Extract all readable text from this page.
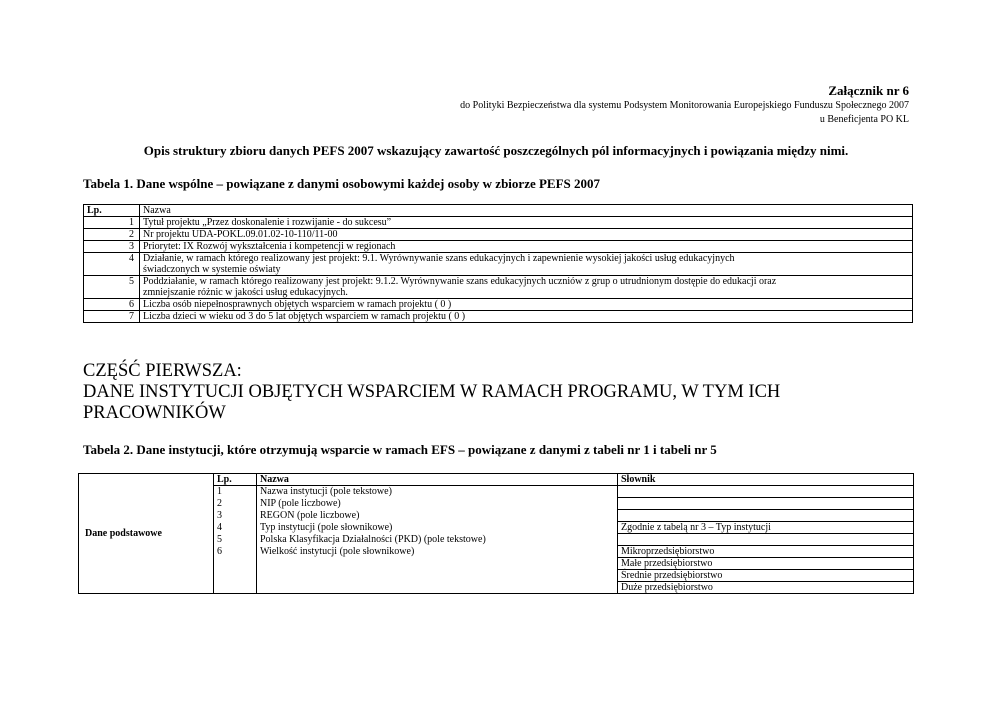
Załącznik nr 6
do Polityki Bezpieczeństwa dla systemu Podsystem Monitorowania Europejskiego Funduszu Społecznego 2007
u Beneficjenta PO KL
Opis struktury zbioru danych PEFS 2007 wskazujący zawartość poszczególnych pól informacyjnych i powiązania między nimi.
Tabela 1. Dane wspólne – powiązane z danymi osobowymi każdej osoby w zbiorze PEFS 2007
Lp.	Nazwa
1	Tytuł projektu „Przez doskonalenie i rozwijanie - do sukcesu”
2	Nr projektu UDA-POKL.09.01.02-10-110/11-00
3	Priorytet: IX Rozwój wykształcenia i kompetencji w regionach
4	Działanie, w ramach którego realizowany jest projekt: 9.1. Wyrównywanie szans edukacyjnych i zapewnienie wysokiej jakości usług edukacyjnych
świadczonych w systemie oświaty
5	Poddziałanie, w ramach którego realizowany jest projekt: 9.1.2. Wyrównywanie szans edukacyjnych uczniów z grup o utrudnionym dostępie do edukacji oraz
zmniejszanie różnic w jakości usług edukacyjnych.
6	Liczba osób niepełnosprawnych objętych wsparciem w ramach projektu ( 0 )
7	Liczba dzieci w wieku od 3 do 5 lat objętych wsparciem w ramach projektu ( 0 )
CZĘŚĆ PIERWSZA:
DANE INSTYTUCJI OBJĘTYCH WSPARCIEM W RAMACH PROGRAMU, W TYM ICH
PRACOWNIKÓW
Tabela 2. Dane instytucji, które otrzymują wsparcie w ramach EFS – powiązane z danymi z tabeli nr 1 i tabeli nr 5
Dane podstawowe	Lp.	Nazwa	Słownik
	1	Nazwa instytucji (pole tekstowe)	
	2	NIP (pole liczbowe)	
	3	REGON (pole liczbowe)	
	4	Typ instytucji (pole słownikowe)	Zgodnie z tabelą nr 3 – Typ instytucji
	5	Polska Klasyfikacja Działalności (PKD) (pole tekstowe)	
	6	Wielkość instytucji (pole słownikowe)	Mikroprzedsiębiorstwo
			Małe przedsiębiorstwo
			Średnie przedsiębiorstwo
			Duże przedsiębiorstwo
